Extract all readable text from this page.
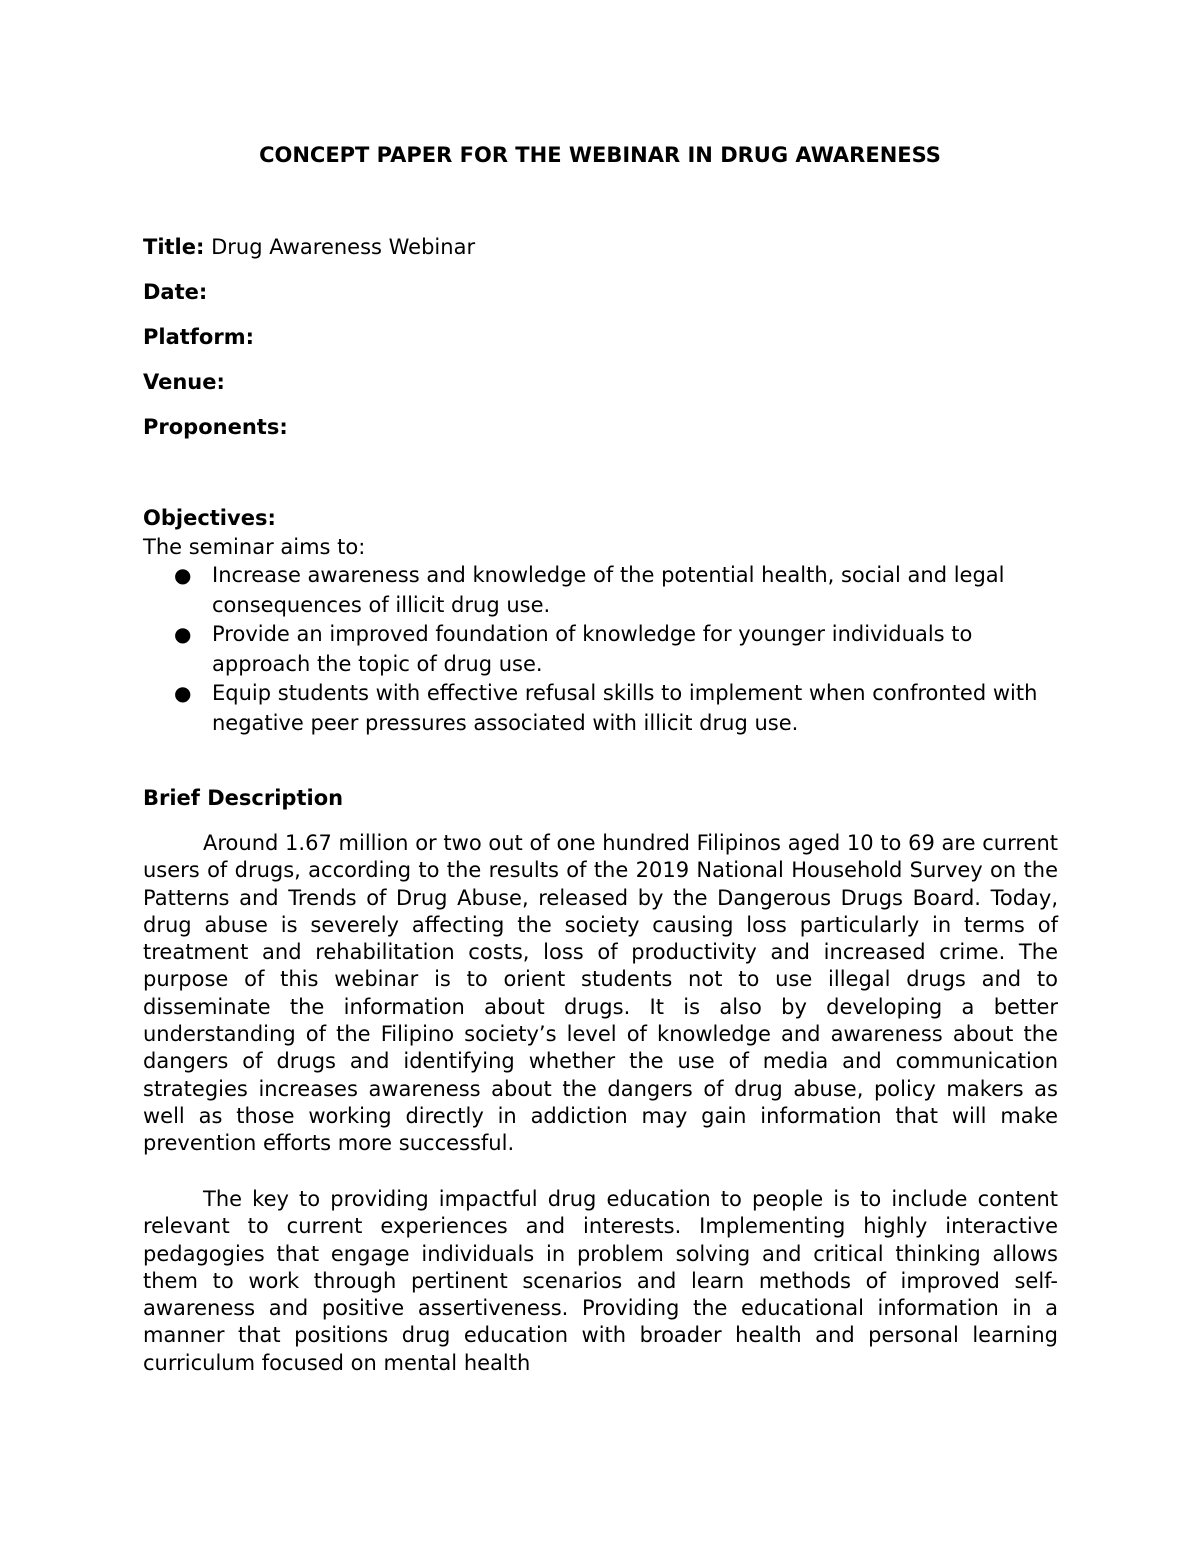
CONCEPT PAPER FOR THE WEBINAR IN DRUG AWARENESS
Title: Drug Awareness Webinar
Date:
Platform:
Venue:
Proponents:
Objectives:
The seminar aims to:
● Increase awareness and knowledge of the potential health, social and legal consequences of illicit drug use.
● Provide an improved foundation of knowledge for younger individuals to approach the topic of drug use.
● Equip students with effective refusal skills to implement when confronted with negative peer pressures associated with illicit drug use.
Brief Description

Around 1.67 million or two out of one hundred Filipinos aged 10 to 69 are current users of drugs, according to the results of the 2019 National Household Survey on the Patterns and Trends of Drug Abuse, released by the Dangerous Drugs Board. Today, drug abuse is severely affecting the society causing loss particularly in terms of treatment and rehabilitation costs, loss of productivity and increased crime. The purpose of this webinar is to orient students not to use illegal drugs and to disseminate the information about drugs. It is also by developing a better understanding of the Filipino society’s level of knowledge and awareness about the dangers of drugs and identifying whether the use of media and communication strategies increases awareness about the dangers of drug abuse, policy makers as well as those working directly in addiction may gain information that will make prevention efforts more successful.

The key to providing impactful drug education to people is to include content relevant to current experiences and interests. Implementing highly interactive pedagogies that engage individuals in problem solving and critical thinking allows them to work through pertinent scenarios and learn methods of improved self-awareness and positive assertiveness. Providing the educational information in a manner that positions drug education with broader health and personal learning curriculum focused on mental health
